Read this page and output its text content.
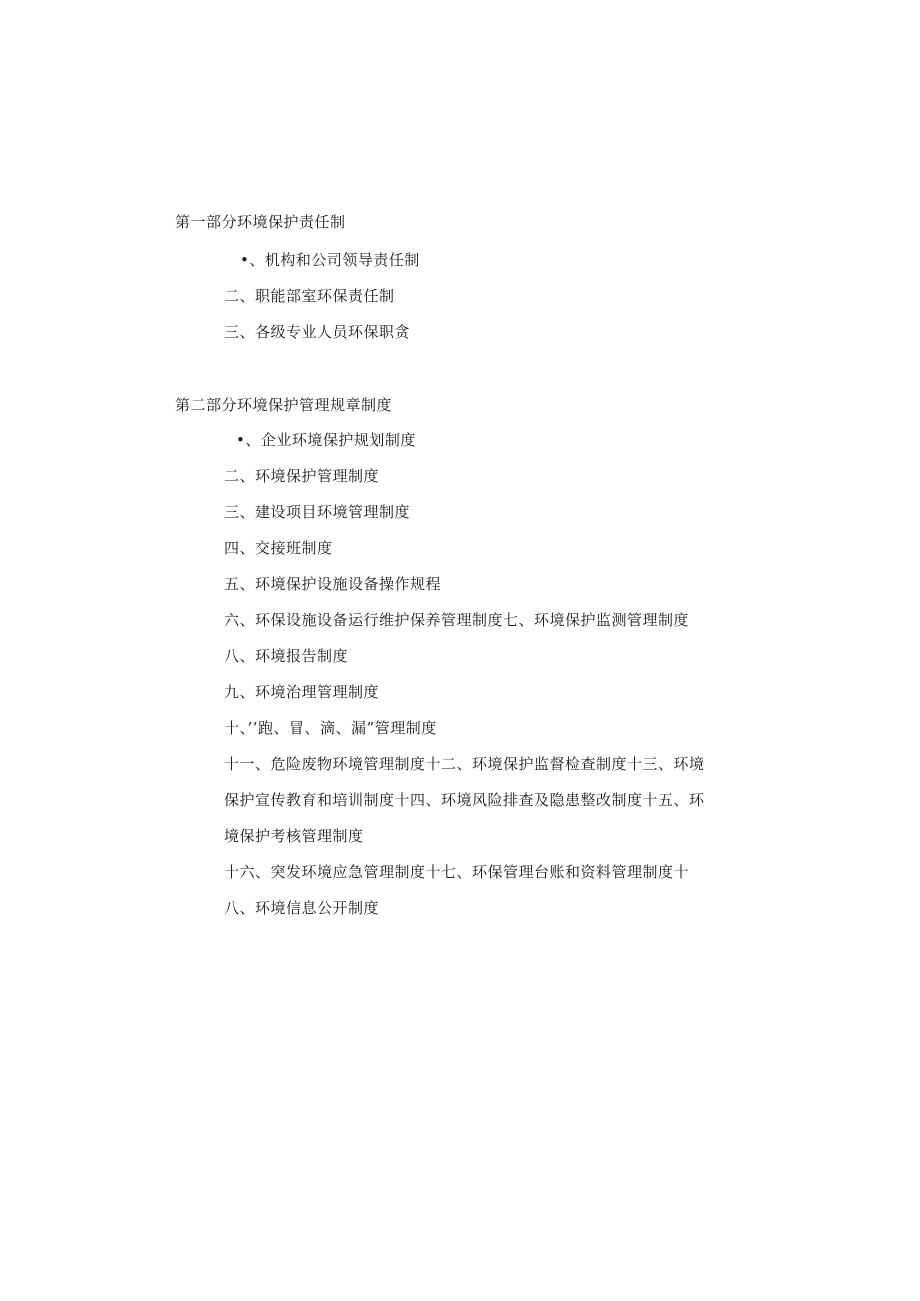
第一部分环境保护责任制
•、机构和公司领导责任制
二、职能部室环保责任制
三、各级专业人员环保职贪
第二部分环境保护管理规章制度
•、企业环境保护规划制度
二、环境保护管理制度
三、建设项目环境管理制度
四、交接班制度
五、环境保护设施设备操作规程
六、环保设施设备运行维护保养管理制度七、环境保护监测管理制度
八、环境报告制度
九、环境治理管理制度
十、’’跑、冒、滴、漏”管理制度
十一、危险废物环境管理制度十二、环境保护监督检查制度十三、环境
保护宣传教育和培训制度十四、环境风险排查及隐患整改制度十五、环
境保护考核管理制度
十六、突发环境应急管理制度十七、环保管理台账和资料管理制度十
八、环境信息公开制度
